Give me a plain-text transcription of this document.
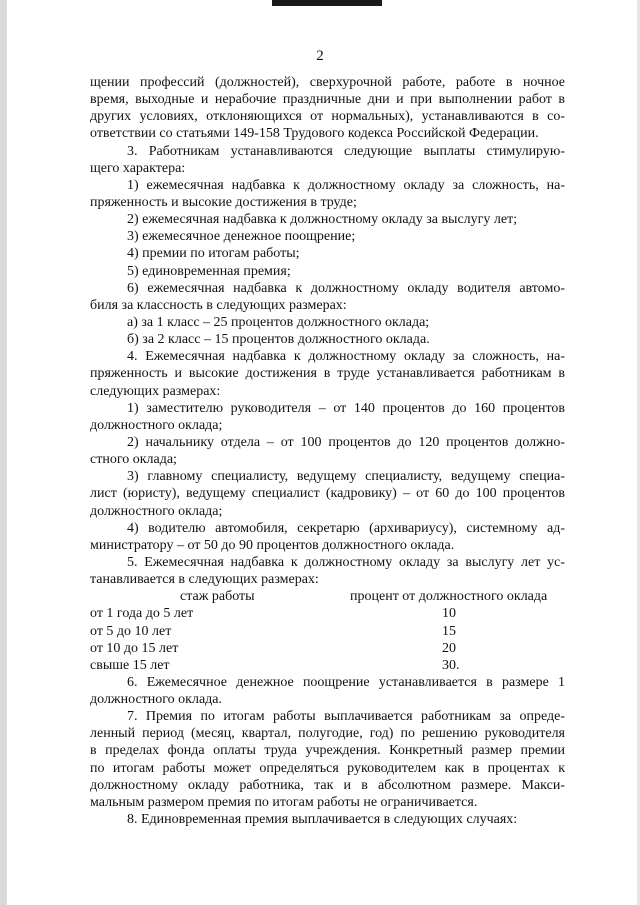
2
щении профессий (должностей), сверхурочной работе, работе в ночное
время, выходные и нерабочие праздничные дни и при выполнении работ в
других условиях, отклоняющихся от нормальных), устанавливаются в со-
ответствии со статьями 149-158 Трудового кодекса Российской Федерации.
3. Работникам устанавливаются следующие выплаты стимулирую-
щего характера:
1) ежемесячная надбавка к должностному окладу за сложность, на-
пряженность и высокие достижения в труде;
2) ежемесячная надбавка к должностному окладу за выслугу лет;
3) ежемесячное денежное поощрение;
4) премии по итогам работы;
5) единовременная премия;
6) ежемесячная надбавка к должностному окладу водителя автомо-
биля за классность в следующих размерах:
а) за 1 класс – 25 процентов должностного оклада;
б) за 2 класс – 15 процентов должностного оклада.
4. Ежемесячная надбавка к должностному окладу за сложность, на-
пряженность и высокие достижения в труде устанавливается работникам в
следующих размерах:
1) заместителю руководителя – от 140 процентов до 160 процентов
должностного оклада;
2) начальнику отдела – от 100 процентов до 120 процентов должно-
стного оклада;
3) главному специалисту, ведущему специалисту, ведущему специа-
лист (юристу), ведущему специалист (кадровику) – от 60 до 100 процентов
должностного оклада;
4) водителю автомобиля, секретарю (архивариусу), системному ад-
министратору – от 50 до 90 процентов должностного оклада.
5. Ежемесячная надбавка к должностному окладу за выслугу лет ус-
танавливается в следующих размерах:
стаж работы	процент от должностного оклада
от 1 года до 5 лет	10
от 5 до 10 лет	15
от 10 до 15 лет	20
свыше 15 лет	30.
6. Ежемесячное денежное поощрение устанавливается в размере 1
должностного оклада.
7. Премия по итогам работы выплачивается работникам за опреде-
ленный период (месяц, квартал, полугодие, год) по решению руководителя
в пределах фонда оплаты труда учреждения. Конкретный размер премии
по итогам работы может определяться руководителем как в процентах к
должностному окладу работника, так и в абсолютном размере. Макси-
мальным размером премия по итогам работы не ограничивается.
8. Единовременная премия выплачивается в следующих случаях:
